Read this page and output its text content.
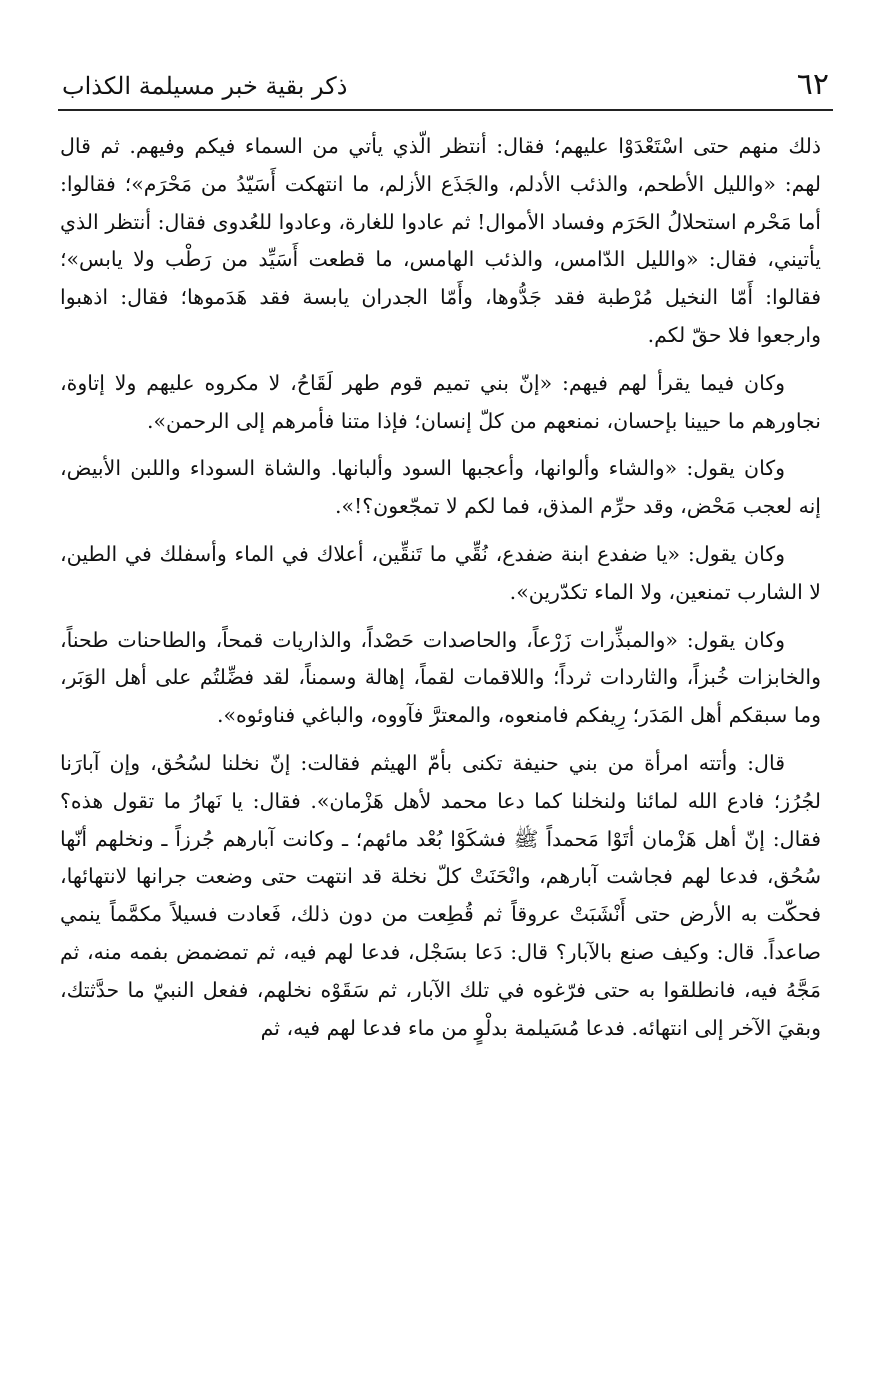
٦٢
ذكر بقية خبر مسيلمة الكذاب

ذلك منهم حتى اسْتَعْدَوْا عليهم؛ فقال: أنتظر الّذي يأتي من السماء فيكم وفيهم. ثم قال لهم: «والليل الأطحم، والذئب الأدلم، والجَذَع الأزلم، ما انتهكت أَسَيّدُ من مَحْرَم»؛ فقالوا: أما مَحْرم استحلالُ الحَرَم وفساد الأموال! ثم عادوا للغارة، وعادوا للعُدوى فقال: أنتظر الذي يأتيني، فقال: «والليل الدّامس، والذئب الهامس، ما قطعت أَسَيِّد من رَطْب ولا يابس»؛ فقالوا: أَمّا النخيل مُرْطبة فقد جَدُّوها، وأَمّا الجدران يابسة فقد هَدَموها؛ فقال: اذهبوا وارجعوا فلا حقّ لكم.

وكان فيما يقرأ لهم فيهم: «إنّ بني تميم قوم طهر لَقَاحُ، لا مكروه عليهم ولا إتاوة، نجاورهم ما حيينا بإحسان، نمنعهم من كلّ إنسان؛ فإذا متنا فأمرهم إلى الرحمن».

وكان يقول: «والشاء وألوانها، وأعجبها السود وألبانها. والشاة السوداء واللبن الأبيض، إنه لعجب مَحْض، وقد حرِّم المذق، فما لكم لا تمجّعون؟!».

وكان يقول: «يا ضفدع ابنة ضفدع، نُقِّي ما تَنقِّين، أعلاك في الماء وأسفلك في الطين، لا الشارب تمنعين، ولا الماء تكدّرين».

وكان يقول: «والمبذِّرات زَرْعاً، والحاصدات حَصْداً، والذاريات قمحاً، والطاحنات طحناً، والخابزات خُبزاً، والثاردات ثرداً؛ واللاقمات لقماً، إهالة وسمناً، لقد فضِّلتُم على أهل الوَبَر، وما سبقكم أهل المَدَر؛ رِيفكم فامنعوه، والمعترَّ فآووه، والباغي فناوئوه».

قال: وأتته امرأة من بني حنيفة تكنى بأمّ الهيثم فقالت: إنّ نخلنا لسُحُق، وإن آبارَنا لجُرُز؛ فادع الله لمائنا ولنخلنا كما دعا محمد لأهل هَزْمان». فقال: يا نَهارُ ما تقول هذه؟ فقال: إنّ أهل هَزْمان أتَوْا مَحمداً ﷺ فشكَوْا بُعْد مائهم؛ ـ وكانت آبارهم جُرزاً ـ ونخلهم أنّها سُحُق، فدعا لهم فجاشت آبارهم، وانْحَنَتْ كلّ نخلة قد انتهت حتى وضعت جرانها لانتهائها، فحكّت به الأرض حتى أَنْشَبَتْ عروقاً ثم قُطِعت من دون ذلك، فَعادت فسيلاً مكمَّماً ينمي صاعداً. قال: وكيف صنع بالآبار؟ قال: دَعا بسَجْل، فدعا لهم فيه، ثم تمضمض بفمه منه، ثم مَجَّهُ فيه، فانطلقوا به حتى فرّغوه في تلك الآبار، ثم سَقَوْه نخلهم، ففعل النبيّ ما حدَّثتك، وبقيَ الآخر إلى انتهائه. فدعا مُسَيلمة بدلْوٍ من ماء فدعا لهم فيه، ثم
